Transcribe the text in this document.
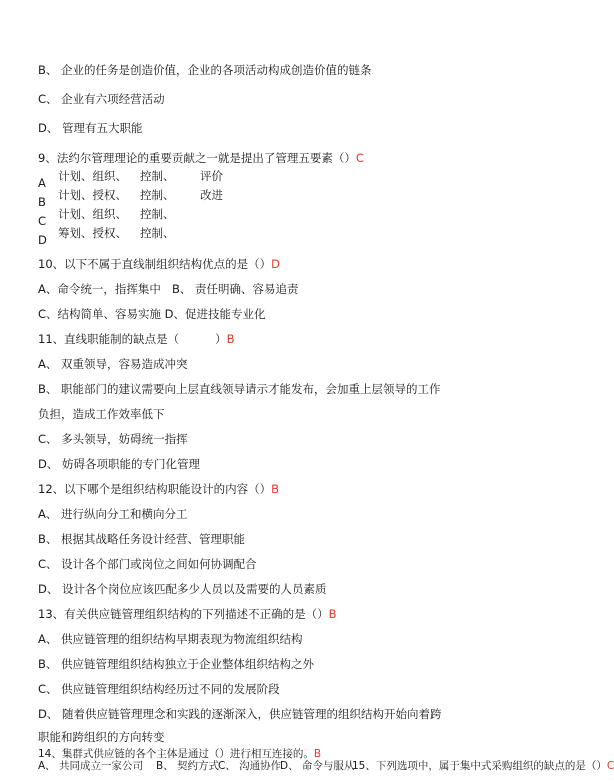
B、 企业的任务是创造价值，企业的各项活动构成创造价值的链条
C、 企业有六项经营活动
D、 管理有五大职能
9、法约尔管理理论的重要贡献之一就是提出了管理五要素（）C
A 计划、组织、 控制、 评价
B 计划、授权、 控制、 改进
C 计划、组织、 控制、
D 筹划、授权、 控制、
10、以下不属于直线制组织结构优点的是（）D
A、命令统一，指挥集中 B、 责任明确、容易追责
C、结构简单、容易实施 D、促进技能专业化
11、直线职能制的缺点是（	）B
A、 双重领导，容易造成冲突
B、 职能部门的建议需要向上层直线领导请示才能发布，会加重上层领导的工作
负担，造成工作效率低下
C、 多头领导，妨碍统一指挥
D、 妨碍各项职能的专门化管理
12、以下哪个是组织结构职能设计的内容（）B
A、 进行纵向分工和横向分工
B、 根据其战略任务设计经营、管理职能
C、 设计各个部门或岗位之间如何协调配合
D、 设计各个岗位应该匹配多少人员以及需要的人员素质
13、有关供应链管理组织结构的下列描述不正确的是（）B
A、 供应链管理的组织结构早期表现为物流组织结构
B、 供应链管理组织结构独立于企业整体组织结构之外
C、 供应链管理组织结构经历过不同的发展阶段
D、 随着供应链管理理念和实践的逐渐深入，供应链管理的组织结构开始向着跨
职能和跨组织的方向转变
14、集群式供应链的各个主体是通过（）进行相互连接的。B
A、 共同成立一家公司 B、 契约方式C、 沟通协作D、 命令与服从15、下列选项中，属于集中式采购组织的缺点的是（）C
